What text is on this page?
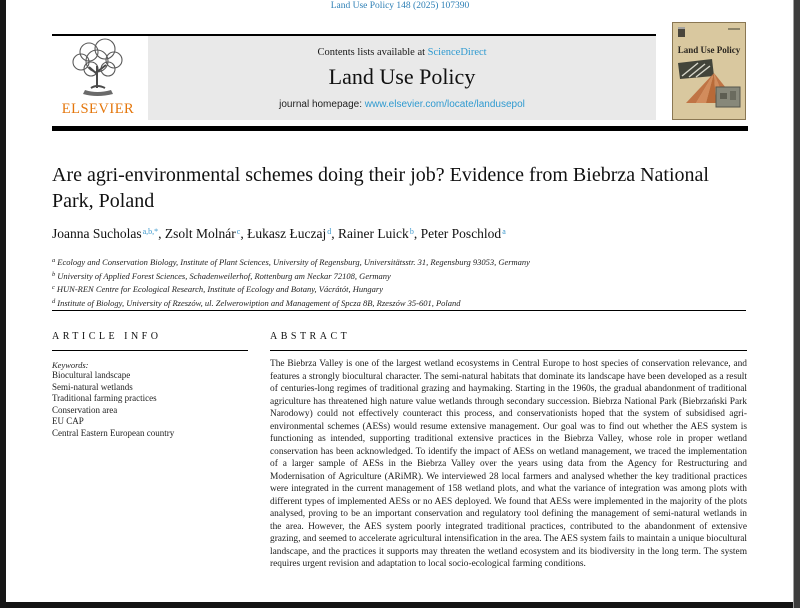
Land Use Policy 148 (2025) 107390
ELSEVIER
Contents lists available at ScienceDirect
Land Use Policy
journal homepage: www.elsevier.com/locate/landusepol
Land Use Policy
Are agri-environmental schemes doing their job? Evidence from Biebrza National Park, Poland
Joanna Sucholas$^{a,b,*}$, Zsolt Molnár$^c$, Łukasz Łuczaj$^d$, Rainer Luick$^b$, Peter Poschlod$^a$
$^a$ Ecology and Conservation Biology, Institute of Plant Sciences, University of Regensburg, Universitätsstr. 31, Regensburg 93053, Germany
$^b$ University of Applied Forest Sciences, Schadenweilerhof, Rottenburg am Neckar 72108, Germany
$^c$ HUN-REN Centre for Ecological Research, Institute of Ecology and Botany, Vácrátót, Hungary
$^d$ Institute of Biology, University of Rzeszów, ul. Zelwerowiption and Management of Spcza 8B, Rzeszów 35-601, Poland
ARTICLE INFO
Keywords:
Biocultural landscape
Semi-natural wetlands
Traditional farming practices
Conservation area
EU CAP
Central Eastern European country
ABSTRACT

The Biebrza Valley is one of the largest wetland ecosystems in Central Europe to host species of conservation relevance, and features a strongly biocultural character. The semi-natural habitats that dominate its landscape have been developed as a result of centuries-long regimes of traditional grazing and haymaking. Starting in the 1960s, the gradual abandonment of traditional agriculture has threatened high nature value wetlands through secondary succession. Biebrza National Park (Biebrzański Park Narodowy) could not effectively counteract this process, and conservationists hoped that the system of subsidised agri-environmental schemes (AESs) would resume extensive management. Our goal was to find out whether the AES system is functioning as intended, supporting traditional extensive practices in the Biebrza Valley, whose role in proper wetland conservation has been acknowledged. To identify the impact of AESs on wetland management, we traced the implementation of a larger sample of AESs in the Biebrza Valley over the years using data from the Agency for Restructuring and Modernisation of Agriculture (ARiMR). We interviewed 28 local farmers and analysed whether the key traditional practices were integrated in the current management of 158 wetland plots, and what the variance of integration was among plots with different types of implemented AESs or no AES deployed. We found that AESs were implemented in the majority of the plots analysed, proving to be an important conservation and regulatory tool defining the management of semi-natural wetlands in the area. However, the AES system poorly integrated traditional practices, contributed to the abandonment of extensive grazing, and seemed to accelerate agricultural intensification in the area. The AES system fails to maintain a unique biocultural landscape, and the practices it supports may threaten the wetland ecosystem and its biodiversity in the long term. The system requires urgent revision and adaptation to local socio-ecological farming conditions.
